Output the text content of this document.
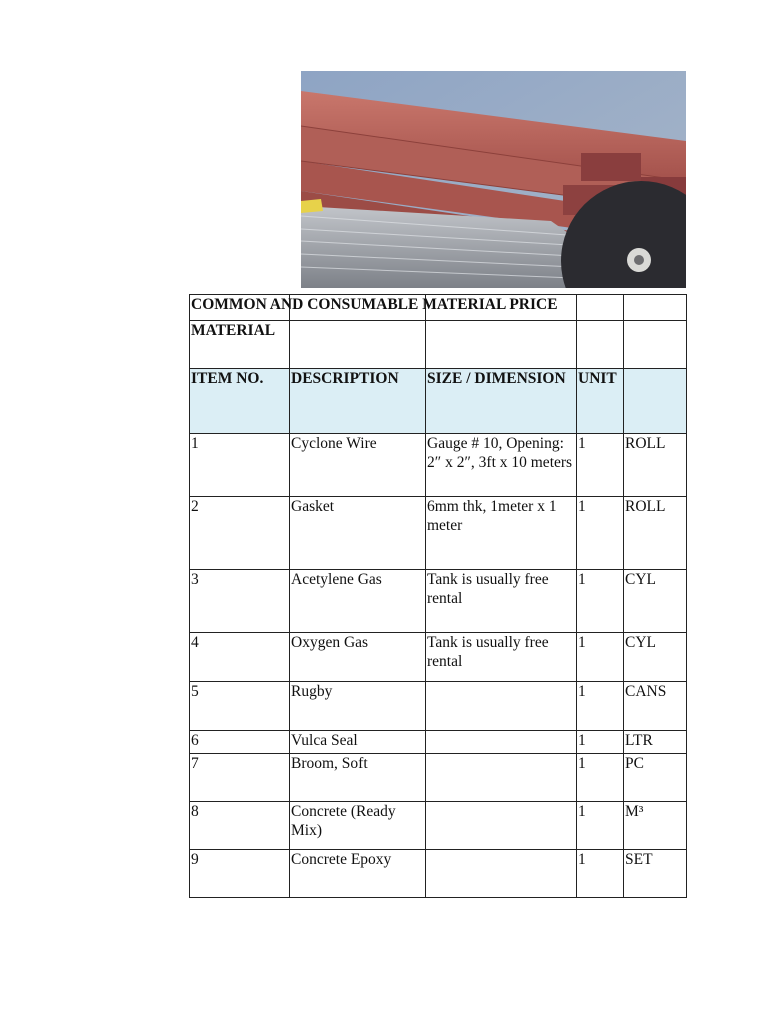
COMMON AND CONSUMABLE MATERIAL PRICE				
MATERIAL				
ITEM NO.	DESCRIPTION	SIZE / DIMENSION	UNIT	
1	Cyclone Wire	Gauge # 10, Opening: 2″ x 2″, 3ft x 10 meters	1	ROLL
2	Gasket	6mm thk, 1meter x 1 meter	1	ROLL
3	Acetylene Gas	Tank is usually free rental	1	CYL
4	Oxygen Gas	Tank is usually free rental	1	CYL
5	Rugby		1	CANS
6	Vulca Seal		1	LTR
7	Broom, Soft		1	PC
8	Concrete (Ready Mix)		1	M³
9	Concrete Epoxy		1	SET
